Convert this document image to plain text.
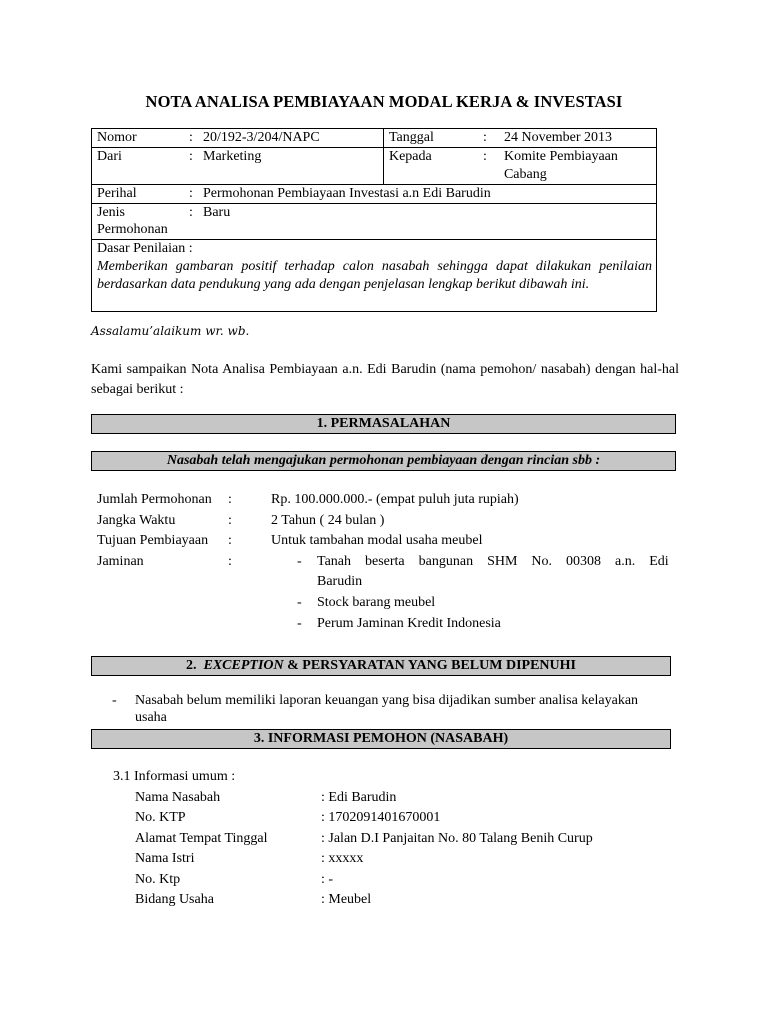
NOTA ANALISA PEMBIAYAAN MODAL KERJA & INVESTASI
Nomor : 20/192-3/204/NAPC	Tanggal : 24 November 2013

Dari : Marketing	Kepada : Komite Pembiayaan
Cabang

Perihal : Permohonan Pembiayaan Investasi a.n Edi Barudin	

Jenis
Permohonan
: Baru	

Dasar Penilaian :
Memberikan gambaran positif terhadap calon nasabah sehingga dapat dilakukan penilaian berdasarkan data pendukung yang ada dengan penjelasan lengkap berikut dibawah ini.	
Assalamu’alaikum wr. wb.
Kami sampaikan Nota Analisa Pembiayaan a.n. Edi Barudin (nama pemohon/ nasabah) dengan hal-hal sebagai berikut :
1. PERMASALAHAN
Nasabah telah mengajukan permohonan pembiayaan dengan rincian sbb :
Jumlah Permohonan :	Rp. 100.000.000.- (empat puluh juta rupiah)
Jangka Waktu	:	2 Tahun ( 24 bulan )
Tujuan Pembiayaan :	Untuk tambahan modal usaha meubel
Jaminan	:	- Tanah    beserta    bangunan    SHM    No.    00308    a.n.    Edi
Barudin
- Stock barang meubel
- Perum Jaminan Kredit Indonesia
2. EXCEPTION & PERSYARATAN YANG BELUM DIPENUHI
- Nasabah belum memiliki laporan keuangan yang bisa dijadikan sumber analisa kelayakan
usaha
3. INFORMASI PEMOHON (NASABAH)
3.1 Informasi umum :
Nama Nasabah	: Edi Barudin
No. KTP	: 1702091401670001
Alamat Tempat Tinggal	: Jalan D.I Panjaitan No. 80 Talang Benih Curup
Nama Istri	: xxxxx
No. Ktp	: -
Bidang Usaha	: Meubel
